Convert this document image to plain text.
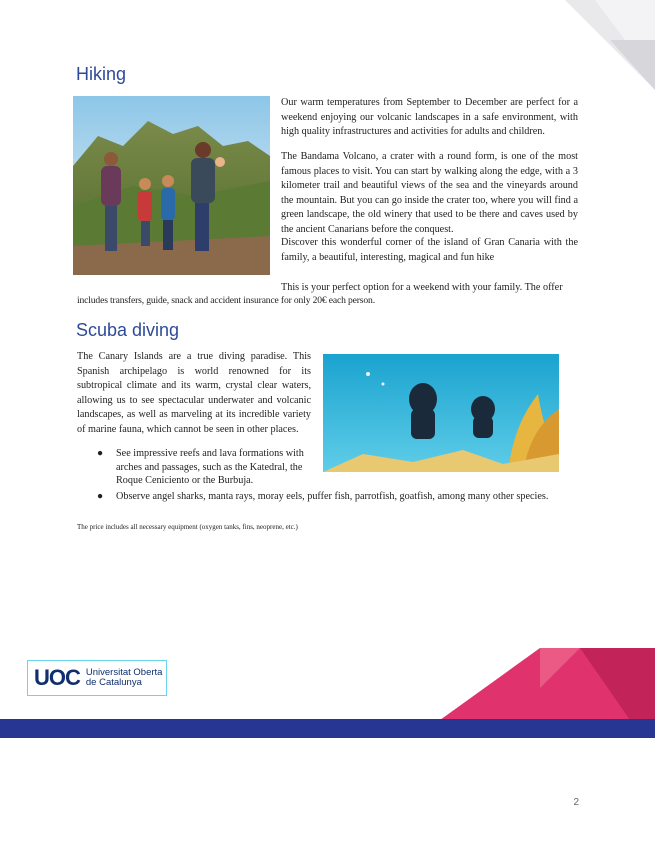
Hiking

Our warm temperatures from September to December are perfect for a weekend enjoying our volcanic landscapes in a safe environment, with high quality infrastructures and activities for adults and children.

The Bandama Volcano, a crater with a round form, is one of the most famous places to visit. You can start by walking along the edge, with a 3 kilometer trail and beautiful views of the sea and the vineyards around the mountain. But you can go inside the crater too, where you will find a green landscape, the old winery that used to be there and caves used by the ancient Canarians before the conquest.

Discover this wonderful corner of the island of Gran Canaria with the family, a beautiful, interesting, magical and fun hike

This is your perfect option for a weekend with your family. The offer

includes transfers, guide, snack and accident insurance for only 20€ each person.

Scuba diving

The Canary Islands are a true diving paradise. This Spanish archipelago is world renowned for its subtropical climate and its warm, crystal clear waters, allowing us to see spectacular underwater and volcanic landscapes, as well as marveling at its incredible variety of marine fauna, which cannot be seen in other places.

● See impressive reefs and lava formations with arches and passages, such as the Katedral, the Roque Ceniciento or the Burbuja.
● Observe angel sharks, manta rays, moray eels, puffer fish, parrotfish, goatfish, among many other species.

The price includes all necessary equipment (oxygen tanks, fins, neoprene, etc.)

UOC Universitat Oberta
de Catalunya
2
